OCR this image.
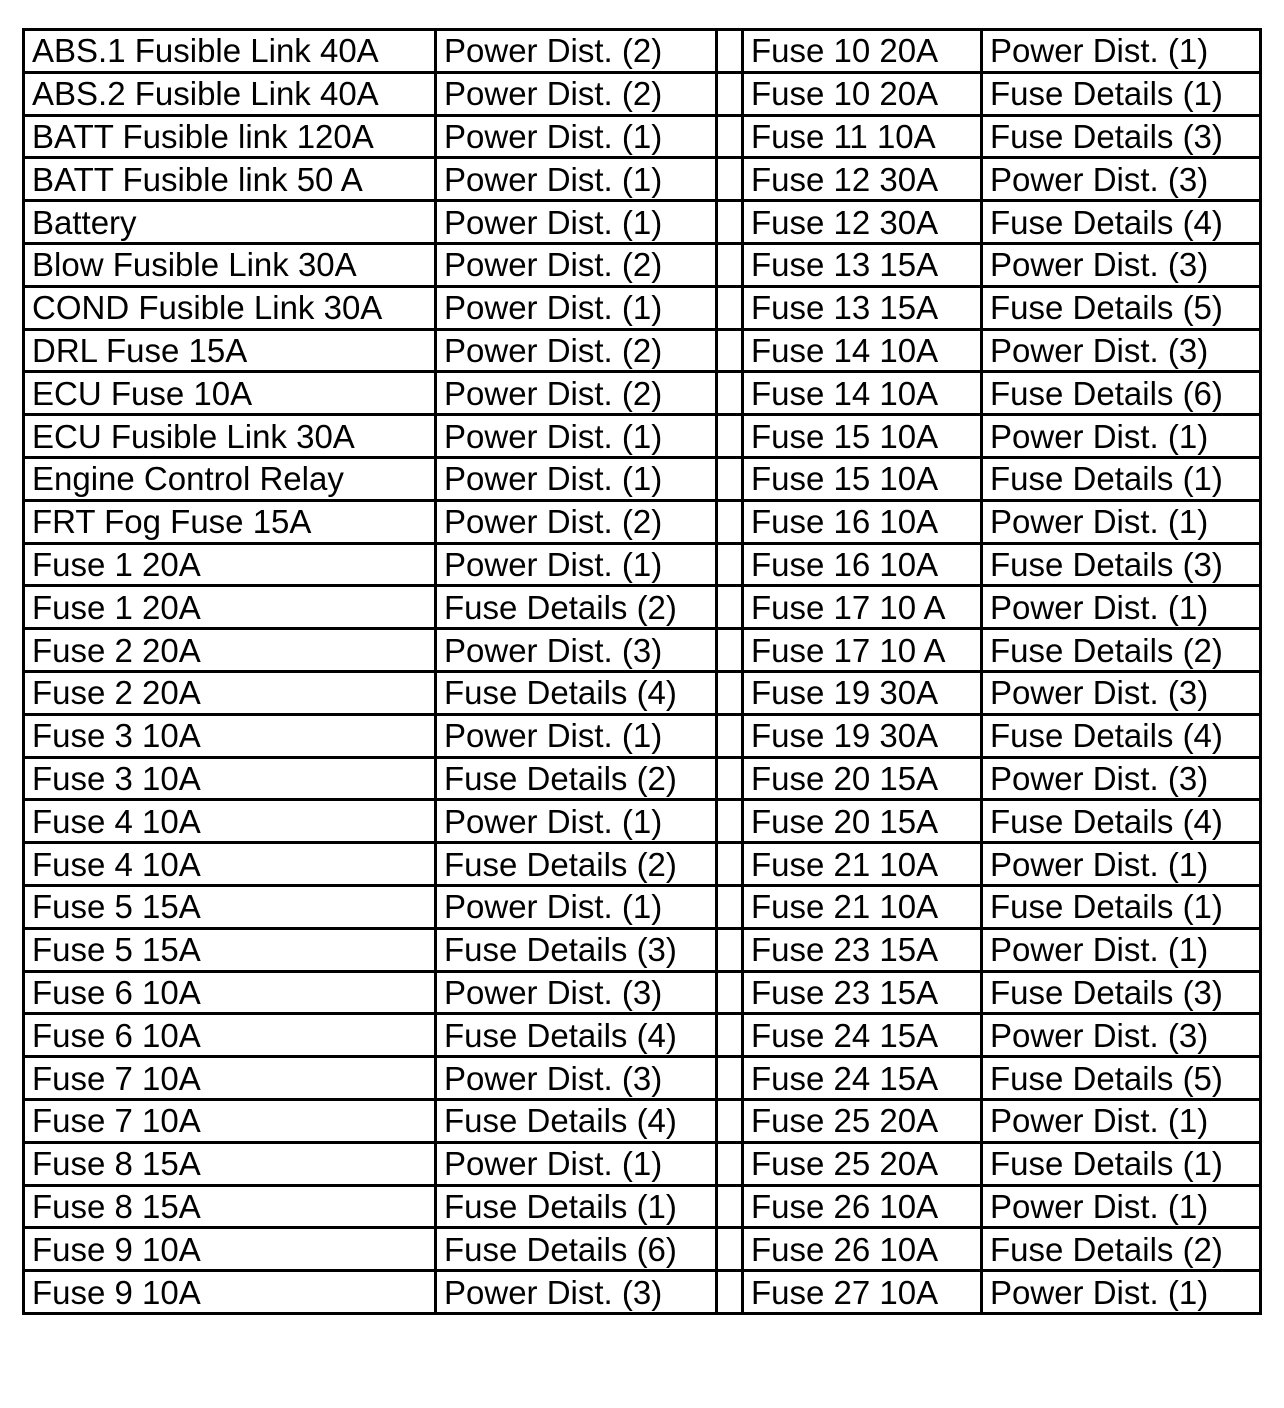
ABS.1 Fusible Link 40A	Power Dist. (2)		Fuse 10 20A	Power Dist. (1)
ABS.2 Fusible Link 40A	Power Dist. (2)		Fuse 10 20A	Fuse Details (1)
BATT Fusible link 120A	Power Dist. (1)		Fuse 11 10A	Fuse Details (3)
BATT Fusible link 50 A	Power Dist. (1)		Fuse 12 30A	Power Dist. (3)
Battery	Power Dist. (1)		Fuse 12 30A	Fuse Details (4)
Blow Fusible Link 30A	Power Dist. (2)		Fuse 13 15A	Power Dist. (3)
COND Fusible Link 30A	Power Dist. (1)		Fuse 13 15A	Fuse Details (5)
DRL Fuse 15A	Power Dist. (2)		Fuse 14 10A	Power Dist. (3)
ECU Fuse 10A	Power Dist. (2)		Fuse 14 10A	Fuse Details (6)
ECU Fusible Link 30A	Power Dist. (1)		Fuse 15 10A	Power Dist. (1)
Engine Control Relay	Power Dist. (1)		Fuse 15 10A	Fuse Details (1)
FRT Fog Fuse 15A	Power Dist. (2)		Fuse 16 10A	Power Dist. (1)
Fuse 1 20A	Power Dist. (1)		Fuse 16 10A	Fuse Details (3)
Fuse 1 20A	Fuse Details (2)		Fuse 17 10 A	Power Dist. (1)
Fuse 2 20A	Power Dist. (3)		Fuse 17 10 A	Fuse Details (2)
Fuse 2 20A	Fuse Details (4)		Fuse 19 30A	Power Dist. (3)
Fuse 3 10A	Power Dist. (1)		Fuse 19 30A	Fuse Details (4)
Fuse 3 10A	Fuse Details (2)		Fuse 20 15A	Power Dist. (3)
Fuse 4 10A	Power Dist. (1)		Fuse 20 15A	Fuse Details (4)
Fuse 4 10A	Fuse Details (2)		Fuse 21 10A	Power Dist. (1)
Fuse 5 15A	Power Dist. (1)		Fuse 21 10A	Fuse Details (1)
Fuse 5 15A	Fuse Details (3)		Fuse 23 15A	Power Dist. (1)
Fuse 6 10A	Power Dist. (3)		Fuse 23 15A	Fuse Details (3)
Fuse 6 10A	Fuse Details (4)		Fuse 24 15A	Power Dist. (3)
Fuse 7 10A	Power Dist. (3)		Fuse 24 15A	Fuse Details (5)
Fuse 7 10A	Fuse Details (4)		Fuse 25 20A	Power Dist. (1)
Fuse 8 15A	Power Dist. (1)		Fuse 25 20A	Fuse Details (1)
Fuse 8 15A	Fuse Details (1)		Fuse 26 10A	Power Dist. (1)
Fuse 9 10A	Fuse Details (6)		Fuse 26 10A	Fuse Details (2)
Fuse 9 10A	Power Dist. (3)		Fuse 27 10A	Power Dist. (1)
